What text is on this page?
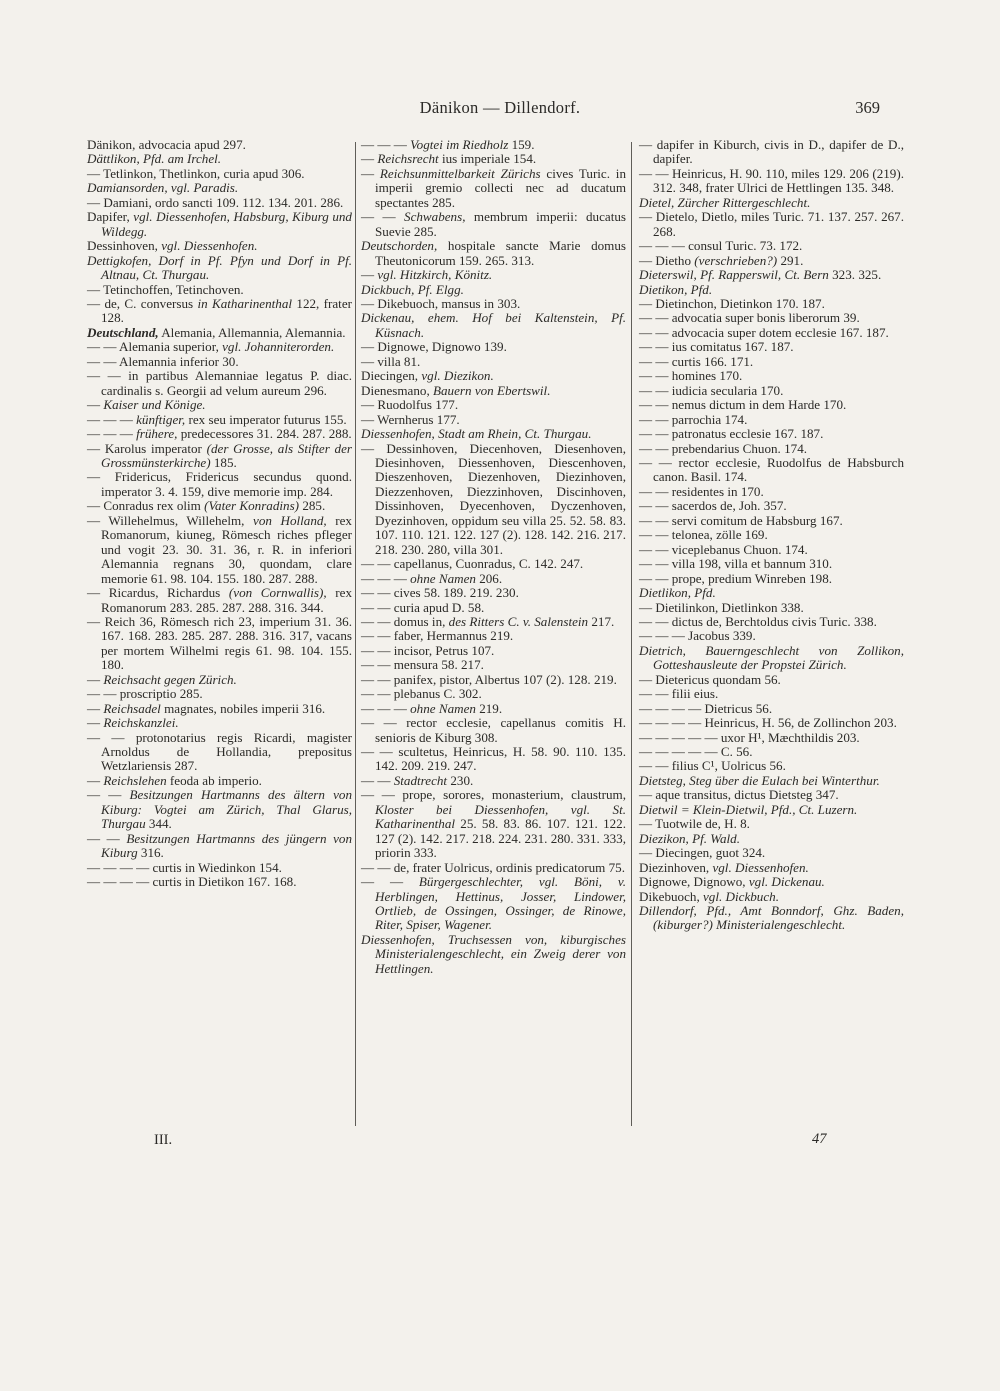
Dänikon — Dillendorf.	369

Dänikon, advocacia apud 297.

Dättlikon, Pfd. am Irchel.

— Tetlinkon, Thetlinkon, curia apud 306.

Damiansorden, vgl. Paradis.

— Damiani, ordo sancti 109. 112. 134. 201. 286.

Dapifer, vgl. Diessenhofen, Habsburg, Kiburg und Wildegg.

Dessinhoven, vgl. Diessenhofen.

Dettigkofen, Dorf in Pf. Pfyn und Dorf in Pf. Altnau, Ct. Thurgau.

— Tetinchoffen, Tetinchoven.

— de, C. conversus in Katharinenthal 122, frater 128.

Deutschland, Alemania, Allemannia, Alemannia.

— — Alemania superior, vgl. Johanniterorden.

— — Alemannia inferior 30.

— — in partibus Alemanniae legatus P. diac. cardinalis s. Georgii ad velum aureum 296.

— Kaiser und Könige.

— — — künftiger, rex seu imperator futurus 155.

— — — frühere, predecessores 31. 284. 287. 288.

— Karolus imperator (der Grosse, als Stifter der Grossmünsterkirche) 185.

— Fridericus, Fridericus secundus quond. imperator 3. 4. 159, dive memorie imp. 284.

— Conradus rex olim (Vater Konradins) 285.

— Willehelmus, Willehelm, von Holland, rex Romanorum, kiuneg, Römesch riches pfleger und vogit 23. 30. 31. 36, r. R. in inferiori Alemannia regnans 30, quondam, clare memorie 61. 98. 104. 155. 180. 287. 288.

— Ricardus, Richardus (von Cornwallis), rex Romanorum 283. 285. 287. 288. 316. 344.

— Reich 36, Römesch rich 23, imperium 31. 36. 167. 168. 283. 285. 287. 288. 316. 317, vacans per mortem Wilhelmi regis 61. 98. 104. 155. 180.

— Reichsacht gegen Zürich.

— — proscriptio 285.

— Reichsadel magnates, nobiles imperii 316.

— Reichskanzlei.

— — protonotarius regis Ricardi, magister Arnoldus de Hollandia, prepositus Wetzlariensis 287.

— Reichslehen feoda ab imperio.

— — Besitzungen Hartmanns des ältern von Kiburg: Vogtei am Zürich, Thal Glarus, Thurgau 344.

— — Besitzungen Hartmanns des jüngern von Kiburg 316.

— — — — curtis in Wiedinkon 154.

— — — — curtis in Dietikon 167. 168.

— — — Vogtei im Riedholz 159.

— Reichsrecht ius imperiale 154.

— Reichsunmittelbarkeit Zürichs cives Turic. in imperii gremio collecti nec ad ducatum spectantes 285.

— — Schwabens, membrum imperii: ducatus Suevie 285.

Deutschorden, hospitale sancte Marie domus Theutonicorum 159. 265. 313.

— vgl. Hitzkirch, Könitz.

Dickbuch, Pf. Elgg.

— Dikebuoch, mansus in 303.

Dickenau, ehem. Hof bei Kaltenstein, Pf. Küsnach.

— Dignowe, Dignowo 139.

— villa 81.

Diecingen, vgl. Diezikon.

Dienesmano, Bauern von Ebertswil.

— Ruodolfus 177.

— Wernherus 177.

Diessenhofen, Stadt am Rhein, Ct. Thurgau.

— Dessinhoven, Diecenhoven, Diesenhoven, Diesinhoven, Diessenhoven, Diescenhoven, Dieszenhoven, Diezenhoven, Diezinhoven, Diezzenhoven, Diezzinhoven, Discinhoven, Dissinhoven, Dyecenhoven, Dyczenhoven, Dyezinhoven, oppidum seu villa 25. 52. 58. 83. 107. 110. 121. 122. 127 (2). 128. 142. 216. 217. 218. 230. 280, villa 301.

— — capellanus, Cuonradus, C. 142. 247.

— — — ohne Namen 206.

— — cives 58. 189. 219. 230.

— — curia apud D. 58.

— — domus in, des Ritters C. v. Salenstein 217.

— — faber, Hermannus 219.

— — incisor, Petrus 107.

— — mensura 58. 217.

— — panifex, pistor, Albertus 107 (2). 128. 219.

— — plebanus C. 302.

— — — ohne Namen 219.

— — rector ecclesie, capellanus comitis H. senioris de Kiburg 308.

— — scultetus, Heinricus, H. 58. 90. 110. 135. 142. 209. 219. 247.

— — Stadtrecht 230.

— — prope, sorores, monasterium, claustrum, Kloster bei Diessenhofen, vgl. St. Katharinenthal 25. 58. 83. 86. 107. 121. 122. 127 (2). 142. 217. 218. 224. 231. 280. 331. 333, priorin 333.

— — de, frater Uolricus, ordinis predicatorum 75.

— — Bürgergeschlechter, vgl. Böni, v. Herblingen, Hettinus, Josser, Lindower, Ortlieb, de Ossingen, Ossinger, de Rinowe, Riter, Spiser, Wagener.

Diessenhofen, Truchsessen von, kiburgisches Ministerialengeschlecht, ein Zweig derer von Hettlingen.

— dapifer in Kiburch, civis in D., dapifer de D., dapifer.

— — Heinricus, H. 90. 110, miles 129. 206 (219). 312. 348, frater Ulrici de Hettlingen 135. 348.

Dietel, Zürcher Rittergeschlecht.

— Dietelo, Dietlo, miles Turic. 71. 137. 257. 267. 268.

— — — consul Turic. 73. 172.

— Dietho (verschrieben?) 291.

Dieterswil, Pf. Rapperswil, Ct. Bern 323. 325.

Dietikon, Pfd.

— Dietinchon, Dietinkon 170. 187.

— — advocatia super bonis liberorum 39.

— — advocacia super dotem ecclesie 167. 187.

— — ius comitatus 167. 187.

— — curtis 166. 171.

— — homines 170.

— — iudicia secularia 170.

— — nemus dictum in dem Harde 170.

— — parrochia 174.

— — patronatus ecclesie 167. 187.

— — prebendarius Chuon. 174.

— — rector ecclesie, Ruodolfus de Habsburch canon. Basil. 174.

— — residentes in 170.

— — sacerdos de, Joh. 357.

— — servi comitum de Habsburg 167.

— — telonea, zölle 169.

— — viceplebanus Chuon. 174.

— — villa 198, villa et bannum 310.

— — prope, predium Winreben 198.

Dietlikon, Pfd.

— Dietilinkon, Dietlinkon 338.

— — dictus de, Berchtoldus civis Turic. 338.

— — — Jacobus 339.

Dietrich, Bauerngeschlecht von Zollikon, Gotteshausleute der Propstei Zürich.

— Dietericus quondam 56.

— — filii eius.

— — — — Dietricus 56.

— — — — Heinricus, H. 56, de Zollinchon 203.

— — — — — uxor H¹, Mæchthildis 203.

— — — — — C. 56.

— — filius C¹, Uolricus 56.

Dietsteg, Steg über die Eulach bei Winterthur.

— aque transitus, dictus Dietsteg 347.

Dietwil = Klein-Dietwil, Pfd., Ct. Luzern.

— Tuotwile de, H. 8.

Diezikon, Pf. Wald.

— Diecingen, guot 324.

Diezinhoven, vgl. Diessenhofen.

Dignowe, Dignowo, vgl. Dickenau.

Dikebuoch, vgl. Dickbuch.

Dillendorf, Pfd., Amt Bonndorf, Ghz. Baden, (kiburger?) Ministerialengeschlecht.

III.	47
